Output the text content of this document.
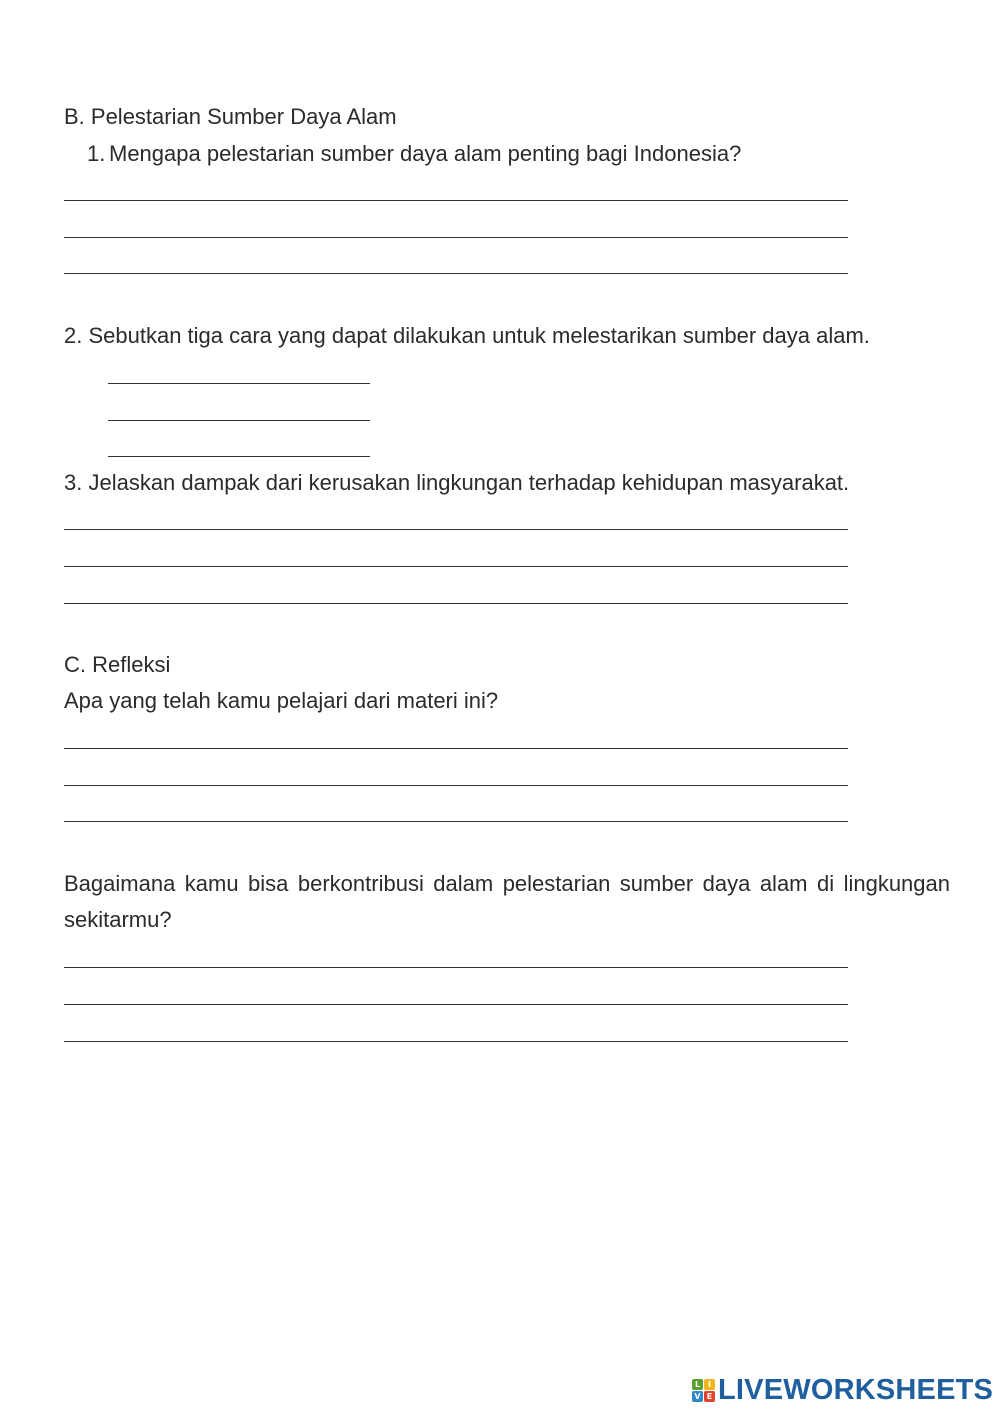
B. Pelestarian Sumber Daya Alam
1. Mengapa pelestarian sumber daya alam penting bagi Indonesia?
2. Sebutkan tiga cara yang dapat dilakukan untuk melestarikan sumber daya alam.
3. Jelaskan dampak dari kerusakan lingkungan terhadap kehidupan masyarakat.
C. Refleksi
Apa yang telah kamu pelajari dari materi ini?
Bagaimana kamu bisa berkontribusi dalam pelestarian sumber daya alam di lingkungan sekitarmu?
L I
V E LIVEWORKSHEETS
